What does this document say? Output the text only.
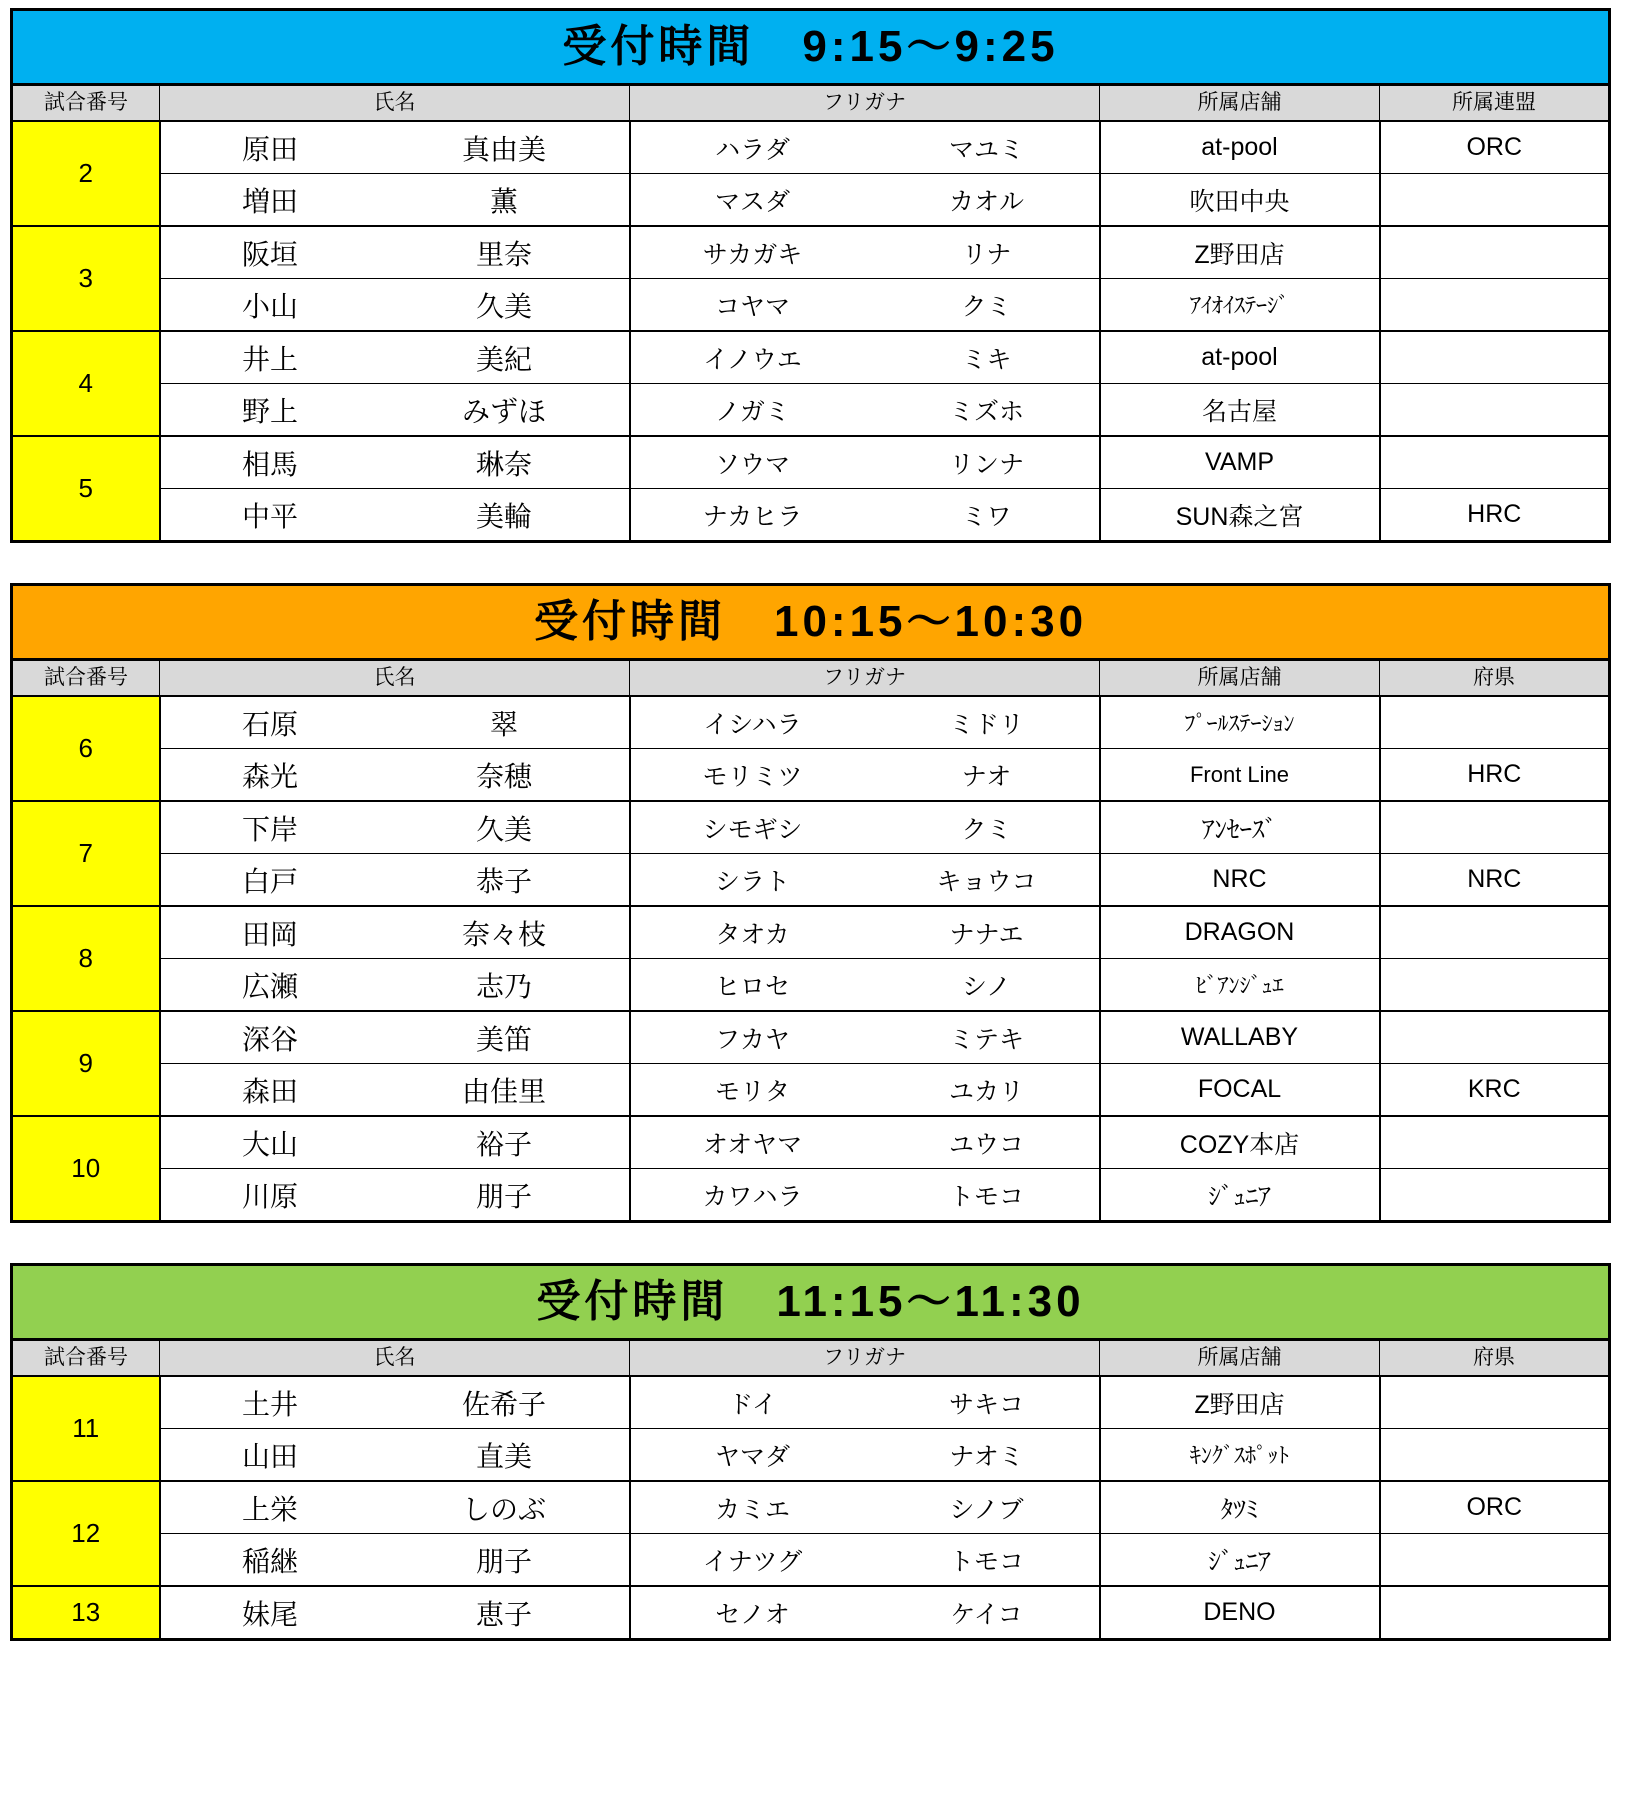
受付時間　9:15～9:25				
試合番号	氏名	フリガナ	所属店舗	所属連盟
2	原田 真由美	ハラダ マユミ	at-pool	ORC

	増田 薫	マスダ カオル	吹田中央	
3	阪垣 里奈	サカガキ リナ	Z野田店	

	小山 久美	コヤマ クミ	ｱｲｵｲｽﾃｰｼﾞ	
4	井上 美紀	イノウエ ミキ	at-pool	

	野上 みずほ	ノガミ ミズホ	名古屋	
5	相馬 琳奈	ソウマ リンナ	VAMP	

	中平 美輪	ナカヒラ ミワ	SUN森之宮	HRC
受付時間　10:15～10:30				
試合番号	氏名	フリガナ	所属店舗	府県
6	石原 翠	イシハラ ミドリ	ﾌﾟｰﾙｽﾃｰｼｮﾝ	

	森光 奈穂	モリミツ ナオ	Front Line	HRC
7	下岸 久美	シモギシ クミ	ｱﾝｾｰｽﾞ	

	白戸 恭子	シラト キョウコ	NRC	NRC
8	田岡 奈々枝	タオカ ナナエ	DRAGON	

	広瀬 志乃	ヒロセ シノ	ﾋﾞｱﾝｼﾞｭｴ	
9	深谷 美笛	フカヤ ミテキ	WALLABY	

	森田 由佳里	モリタ ユカリ	FOCAL	KRC
10	大山 裕子	オオヤマ ユウコ	COZY本店	

	川原 朋子	カワハラ トモコ	ｼﾞｭﾆｱ	
受付時間　11:15～11:30				
試合番号	氏名	フリガナ	所属店舗	府県
11	土井 佐希子	ドイ サキコ	Z野田店	

	山田 直美	ヤマダ ナオミ	ｷﾝｸﾞｽﾎﾟｯﾄ	
12	上栄 しのぶ	カミエ シノブ	ﾀﾂﾐ	ORC

	稲継 朋子	イナツグ トモコ	ｼﾞｭﾆｱ	
13	妹尾 恵子	セノオ ケイコ	DENO	
